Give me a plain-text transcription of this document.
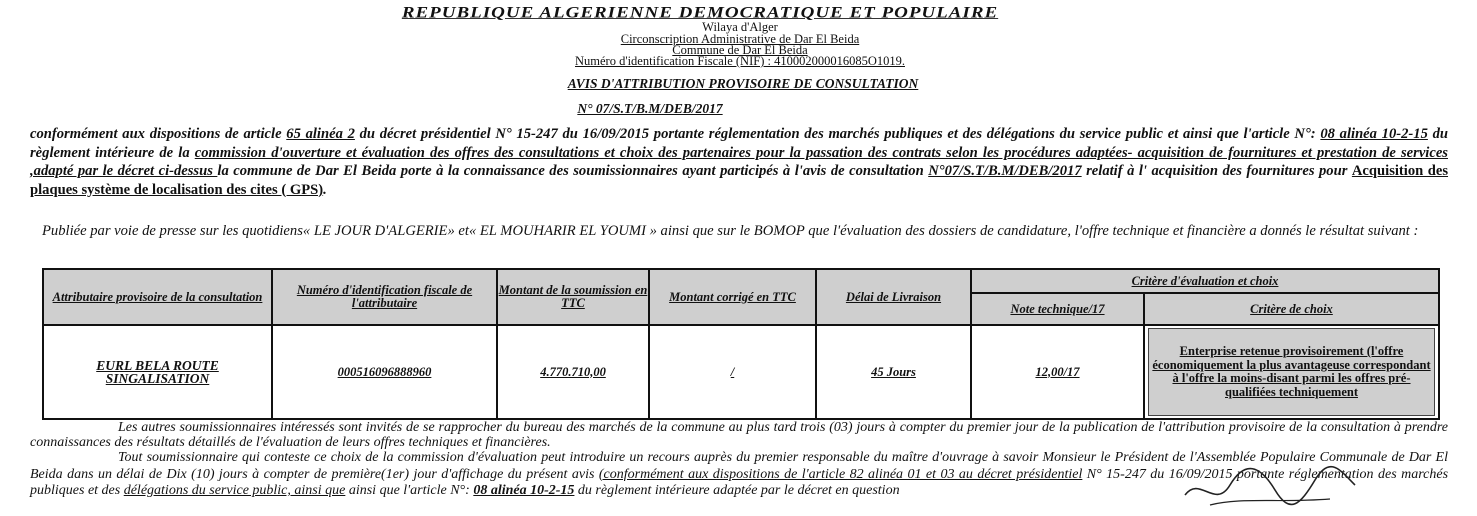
REPUBLIQUE ALGERIENNE DEMOCRATIQUE ET POPULAIRE
Wilaya d'Alger
Circonscription Administrative de Dar El Beida
Commune de Dar El Beida
Numéro d'identification Fiscale (NIF) : 410002000016085O1019.
AVIS D'ATTRIBUTION PROVISOIRE DE CONSULTATION
N° 07/S.T/B.M/DEB/2017
conformément aux dispositions de article 65 alinéa 2 du décret présidentiel N° 15-247 du 16/09/2015 portante réglementation des marchés publiques et des délégations du service public et ainsi que l'article N°: 08 alinéa 10-2-15 du règlement intérieure de la commission d'ouverture et évaluation des offres des consultations et choix des partenaires pour la passation des contrats selon les procédures adaptées- acquisition de fournitures et prestation de services ,adapté par le décret ci-dessus la commune de Dar El Beida porte à la connaissance des soumissionnaires ayant participés à l'avis de consultation N°07/S.T/B.M/DEB/2017 relatif à l' acquisition des fournitures pour Acquisition des plaques système de localisation des cites ( GPS).
Publiée par voie de presse sur les quotidiens« LE JOUR D'ALGERIE» et« EL MOUHARIR EL YOUMI » ainsi que sur le BOMOP que l'évaluation des dossiers de candidature, l'offre technique et financière a donnés le résultat suivant :
Attributaire provisoire de la consultation	Numéro d'identification fiscale de l'attributaire	Montant de la soumission en TTC	Montant corrigé en TTC	Délai de Livraison	Critère d'évaluation et choix	
					Note technique/17	Critère de choix
EURL BELA ROUTE SINGALISATION	000516096888960	4.770.710,00	/	45 Jours	12,00/17	Enterprise retenue provisoirement (l'offre économiquement la plus avantageuse correspondant à l'offre la moins-disant parmi les offres pré-qualifiées techniquement
Les autres soumissionnaires intéressés sont invités de se rapprocher du bureau des marchés de la commune au plus tard trois (03) jours à compter du premier jour de la publication de l'attribution provisoire de la consultation à prendre connaissances des résultats détaillés de l'évaluation de leurs offres techniques et financières.
Tout soumissionnaire qui conteste ce choix de la commission d'évaluation peut introduire un recours auprès du premier responsable du maître d'ouvrage à savoir Monsieur le Président de l'Assemblée Populaire Communale de Dar El Beida dans un délai de Dix (10) jours à compter de première(1er) jour d'affichage du présent avis (conformément aux dispositions de l'article 82 alinéa 01 et 03 au décret présidentiel N° 15-247 du 16/09/2015 portante réglementation des marchés publiques et des délégations du service public, ainsi que ainsi que l'article N°: 08 alinéa 10-2-15 du règlement intérieure adaptée par le décret en question
